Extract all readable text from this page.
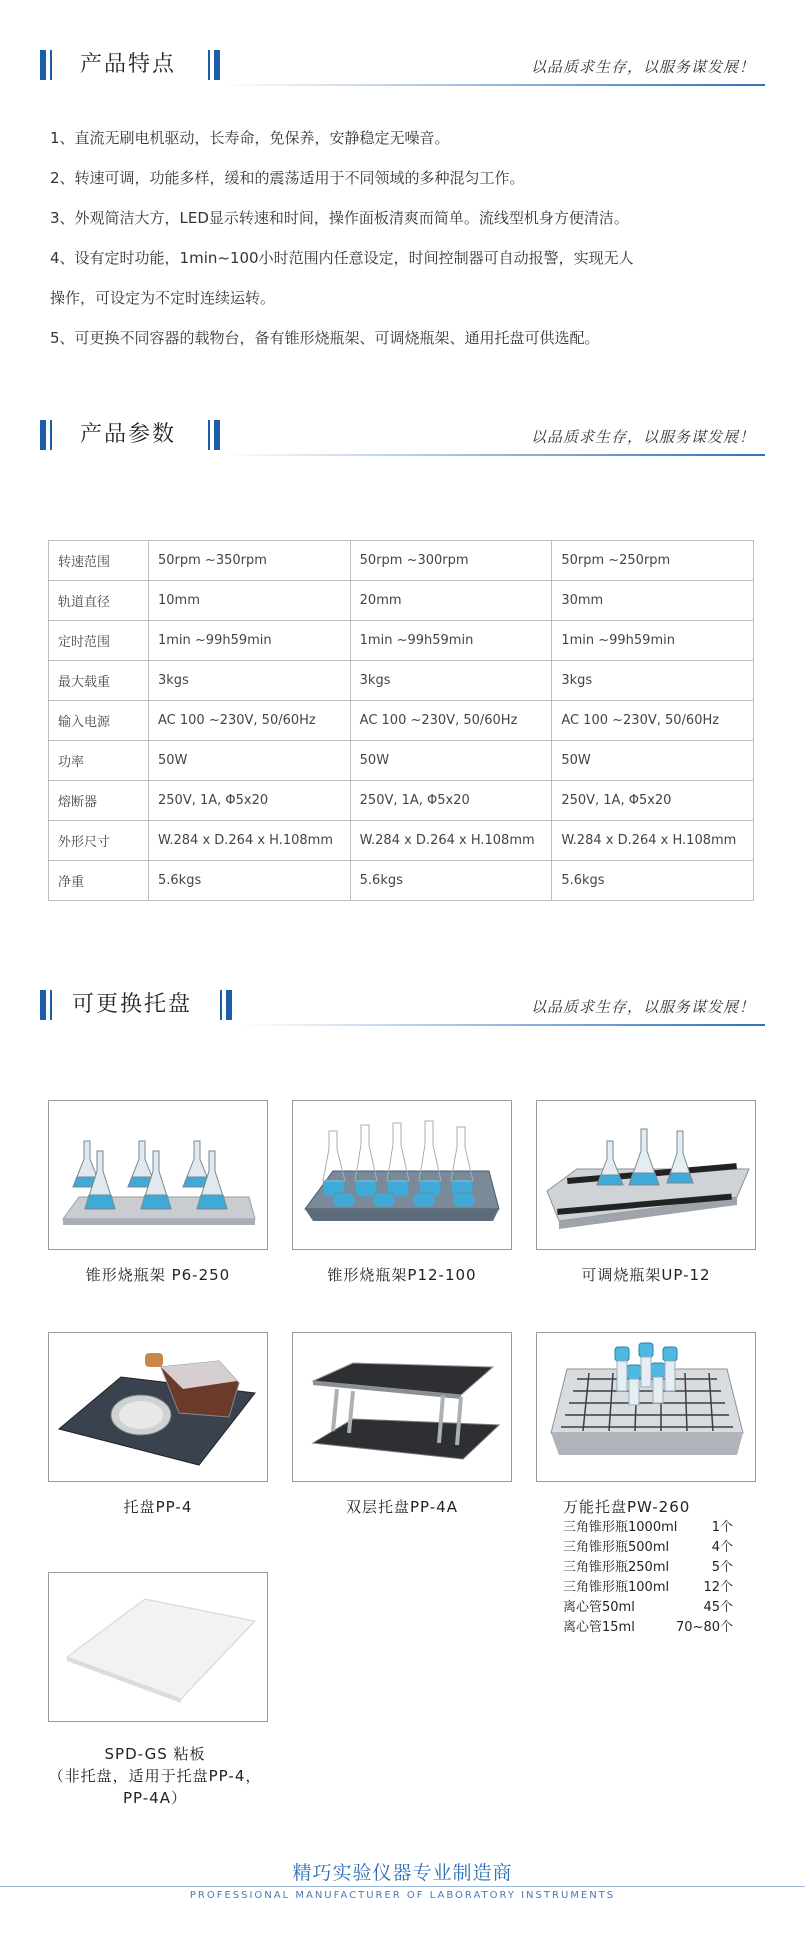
产品特点	以品质求生存，以服务谋发展！

1、直流无刷电机驱动，长寿命，免保养，安静稳定无噪音。

2、转速可调，功能多样，缓和的震荡适用于不同领域的多种混匀工作。

3、外观简洁大方，LED显示转速和时间，操作面板清爽而简单。流线型机身方便清洁。

4、设有定时功能，1min~100小时范围内任意设定，时间控制器可自动报警，实现无人

操作，可设定为不定时连续运转。

5、可更换不同容器的载物台，备有锥形烧瓶架、可调烧瓶架、通用托盘可供选配。

产品参数	以品质求生存，以服务谋发展！
转速范围	50rpm ~350rpm	50rpm ~300rpm	50rpm ~250rpm
轨道直径	10mm	20mm	30mm
定时范围	1min ~99h59min	1min ~99h59min	1min ~99h59min
最大载重	3kgs	3kgs	3kgs
输入电源	AC 100 ~230V, 50/60Hz	AC 100 ~230V, 50/60Hz	AC 100 ~230V, 50/60Hz
功率	50W	50W	50W
熔断器	250V, 1A, Φ5x20	250V, 1A, Φ5x20	250V, 1A, Φ5x20
外形尺寸	W.284 x D.264 x H.108mm	W.284 x D.264 x H.108mm	W.284 x D.264 x H.108mm
净重	5.6kgs	5.6kgs	5.6kgs
可更换托盘	以品质求生存，以服务谋发展！
锥形烧瓶架 P6-250	锥形烧瓶架P12-100	可调烧瓶架UP-12
托盘PP-4	双层托盘PP-4A	万能托盘PW-260
三角锥形瓶1000ml	1个
三角锥形瓶500ml	4个
三角锥形瓶250ml	5个
三角锥形瓶100ml	12个
离心管50ml	45个
离心管15ml	70~80个
SPD-GS 粘板
（非托盘，适用于托盘PP-4，
PP-4A）
精巧实验仪器专业制造商
PROFESSIONAL MANUFACTURER OF LABORATORY INSTRUMENTS
